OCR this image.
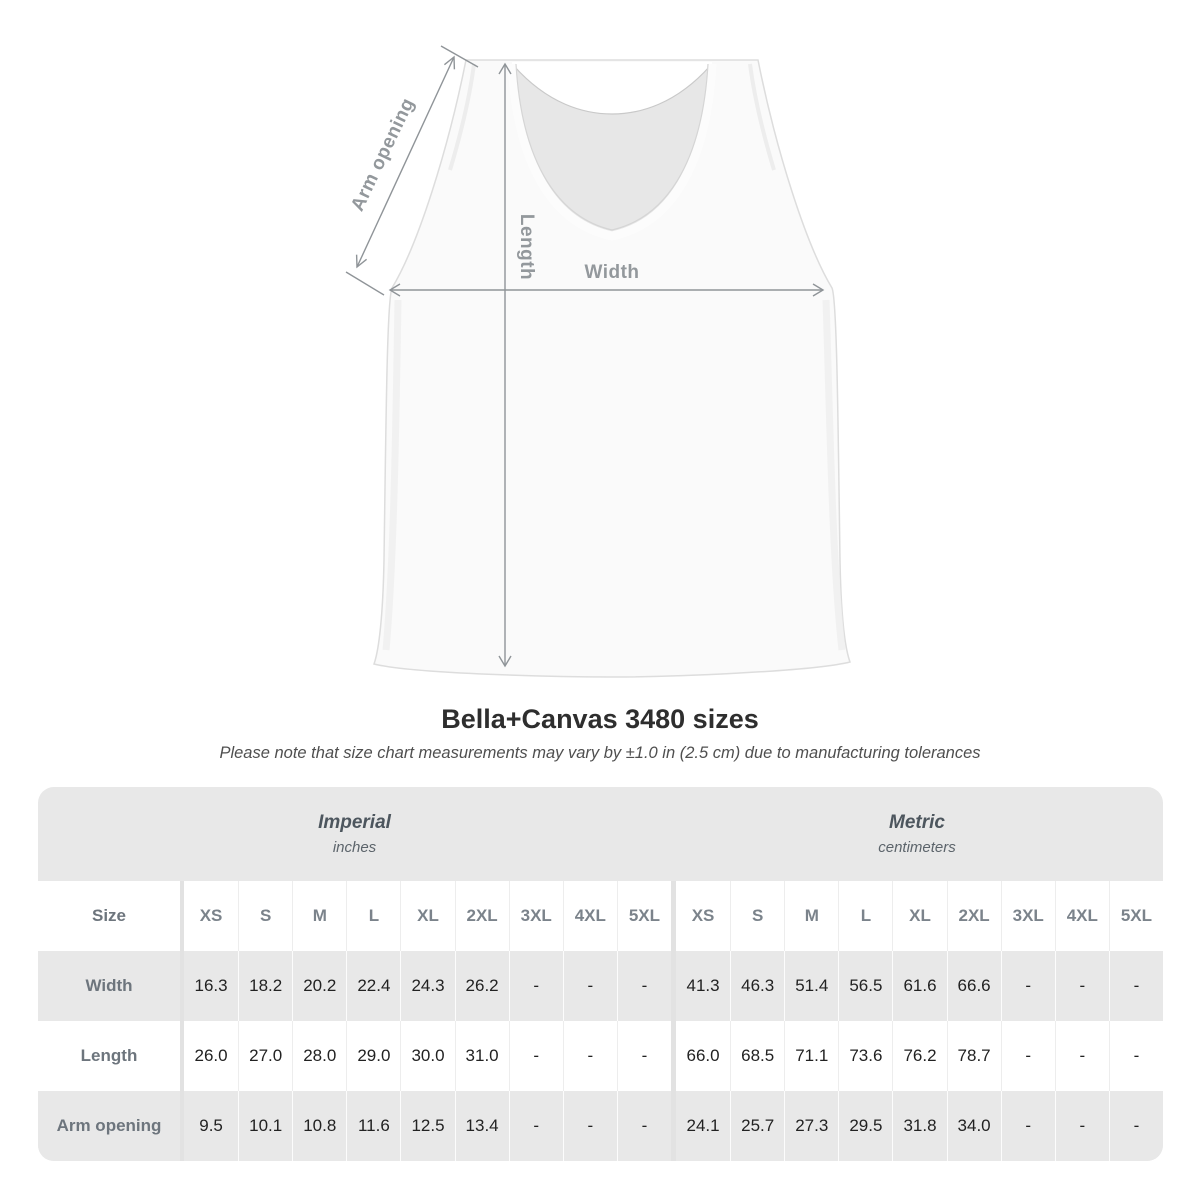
Arm opening
Length Width
Bella+Canvas 3480 sizes

Please note that size chart measurements may vary by ±1.0 in (2.5 cm) due to manufacturing tolerances

Imperial
inches
Metric
centimeters
Size	XS	S	M	L	XL	2XL	3XL	4XL	5XL	XS	S	M	L	XL	2XL	3XL	4XL	5XL
Width	16.3	18.2	20.2	22.4	24.3	26.2	-	-	-	41.3	46.3	51.4	56.5	61.6	66.6	-	-	-
Length	26.0	27.0	28.0	29.0	30.0	31.0	-	-	-	66.0	68.5	71.1	73.6	76.2	78.7	-	-	-
Arm opening	9.5	10.1	10.8	11.6	12.5	13.4	-	-	-	24.1	25.7	27.3	29.5	31.8	34.0	-	-	-
